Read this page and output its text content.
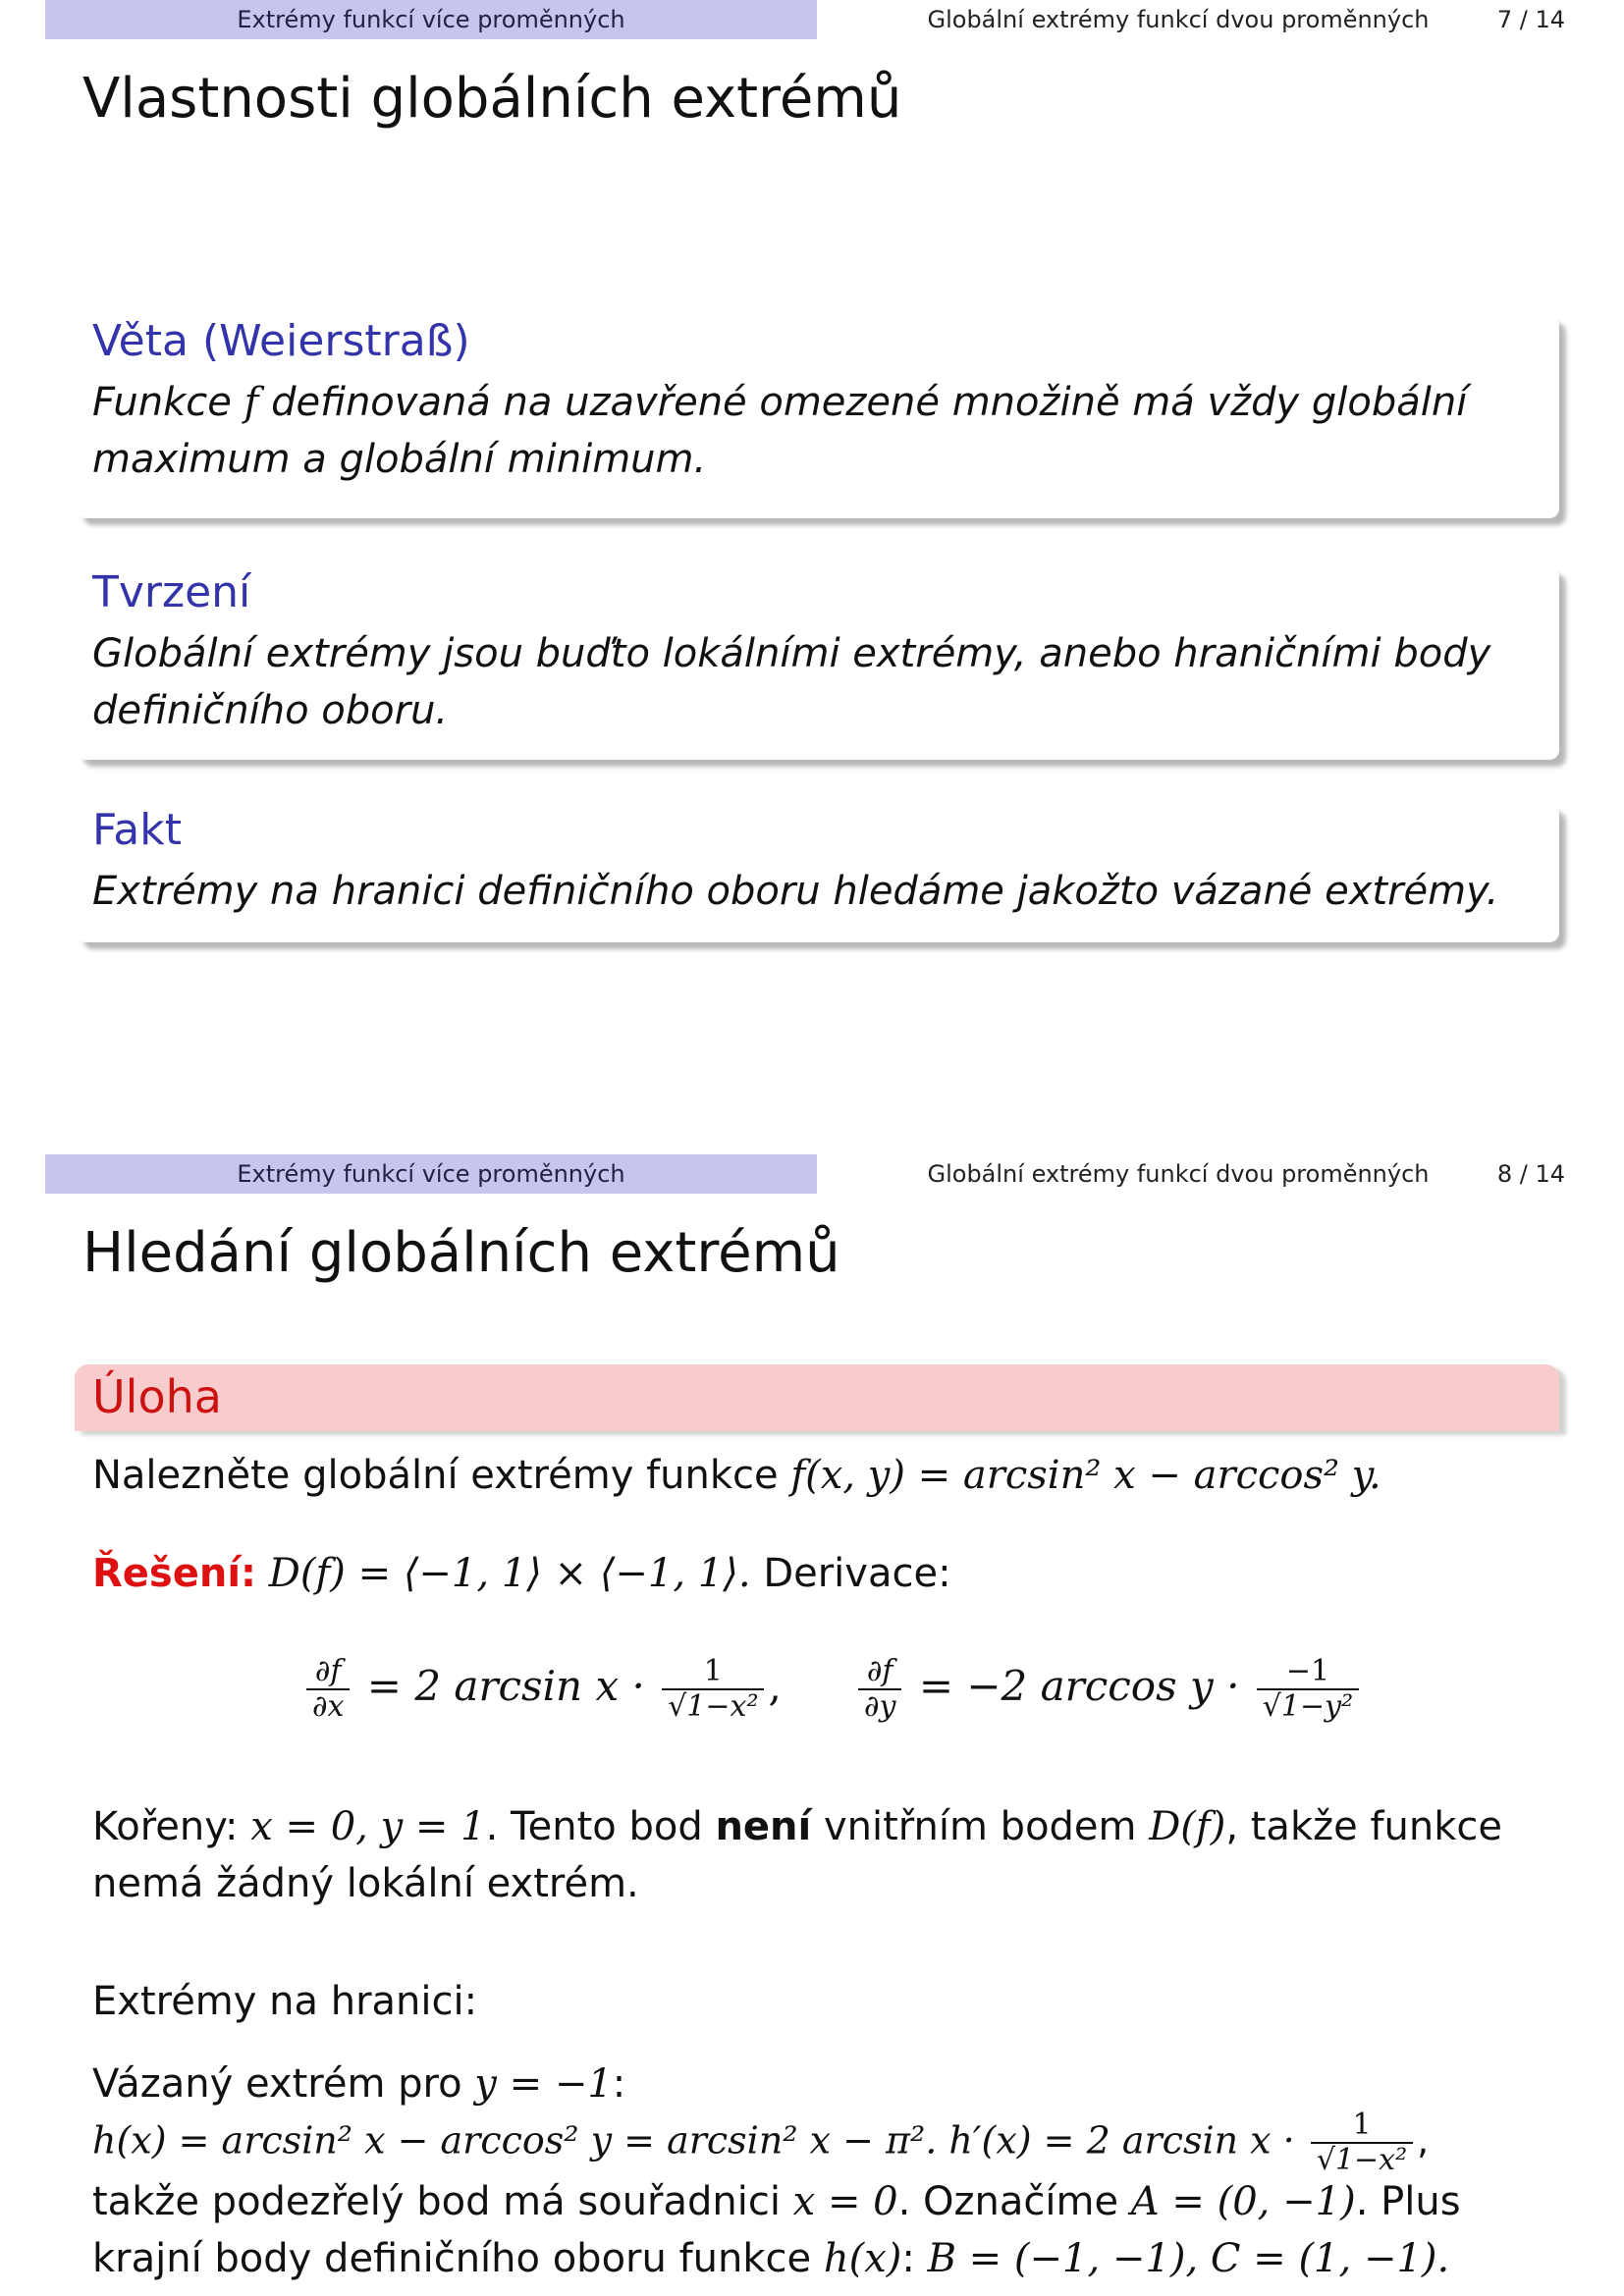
Extrémy funkcí více proměnných	Globální extrémy funkcí dvou proměnných	7 / 14
Vlastnosti globálních extrémů
Věta (Weierstraß)
Funkce f definovaná na uzavřené omezené množině má vždy globální maximum a globální minimum.
Tvrzení
Globální extrémy jsou buďto lokálními extrémy, anebo hraničními body definičního oboru.
Fakt
Extrémy na hranici definičního oboru hledáme jakožto vázané extrémy.
Extrémy funkcí více proměnných	Globální extrémy funkcí dvou proměnných	8 / 14
Hledání globálních extrémů
Úloha
Nalezněte globální extrémy funkce f(x, y) = arcsin² x − arccos² y.
Řešení: D(f) = ⟨−1, 1⟩ × ⟨−1, 1⟩. Derivace:
$\frac{\partial f}{\partial x} = 2$ $\arcsin x \cdot \frac{1}{\text{√1−x²}}$ ,	$\frac{\partial f}{\partial y} = -2$ $\arccos y \cdot \frac{-1}{\text{√1−y²}}$
Kořeny: x = 0, y = 1. Tento bod není vnitřním bodem D(f), takže funkce
nemá žádný lokální extrém.
Extrémy na hranici:
Vázaný extrém pro y = −1:
h(x) = arcsin² x − arccos² y = arcsin² x − π². h′(x) = 2 $\arcsin x \cdot \frac{1}{\text{√1−x²}}$ ,
takže podezřelý bod má souřadnici x = 0. Označíme A = (0, −1). Plus
krajní body definičního oboru funkce h(x): B = (−1, −1), C = (1, −1).
